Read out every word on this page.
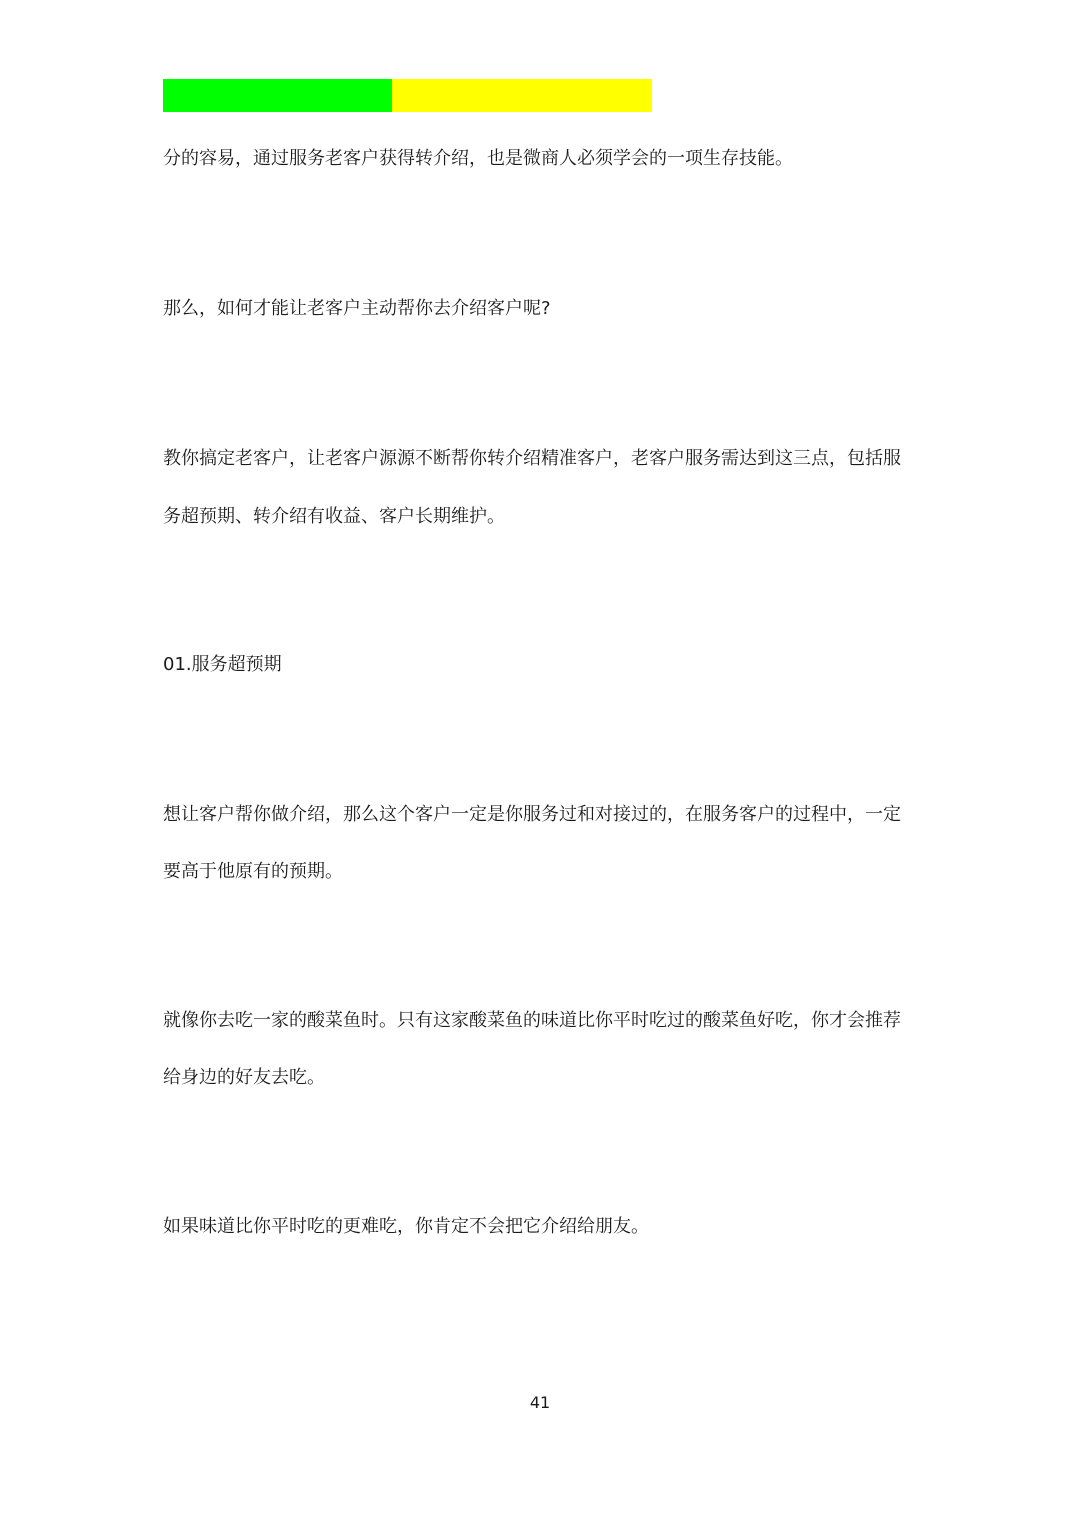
分的容易，通过服务老客户获得转介绍，也是微商人必须学会的一项生存技能。
那么，如何才能让老客户主动帮你去介绍客户呢?
教你搞定老客户，让老客户源源不断帮你转介绍精准客户，老客户服务需达到这三点，包括服
务超预期、转介绍有收益、客户长期维护。
01.服务超预期
想让客户帮你做介绍，那么这个客户一定是你服务过和对接过的，在服务客户的过程中，一定
要高于他原有的预期。
就像你去吃一家的酸菜鱼时。只有这家酸菜鱼的味道比你平时吃过的酸菜鱼好吃，你才会推荐
给身边的好友去吃。
如果味道比你平时吃的更难吃，你肯定不会把它介绍给朋友。
41
